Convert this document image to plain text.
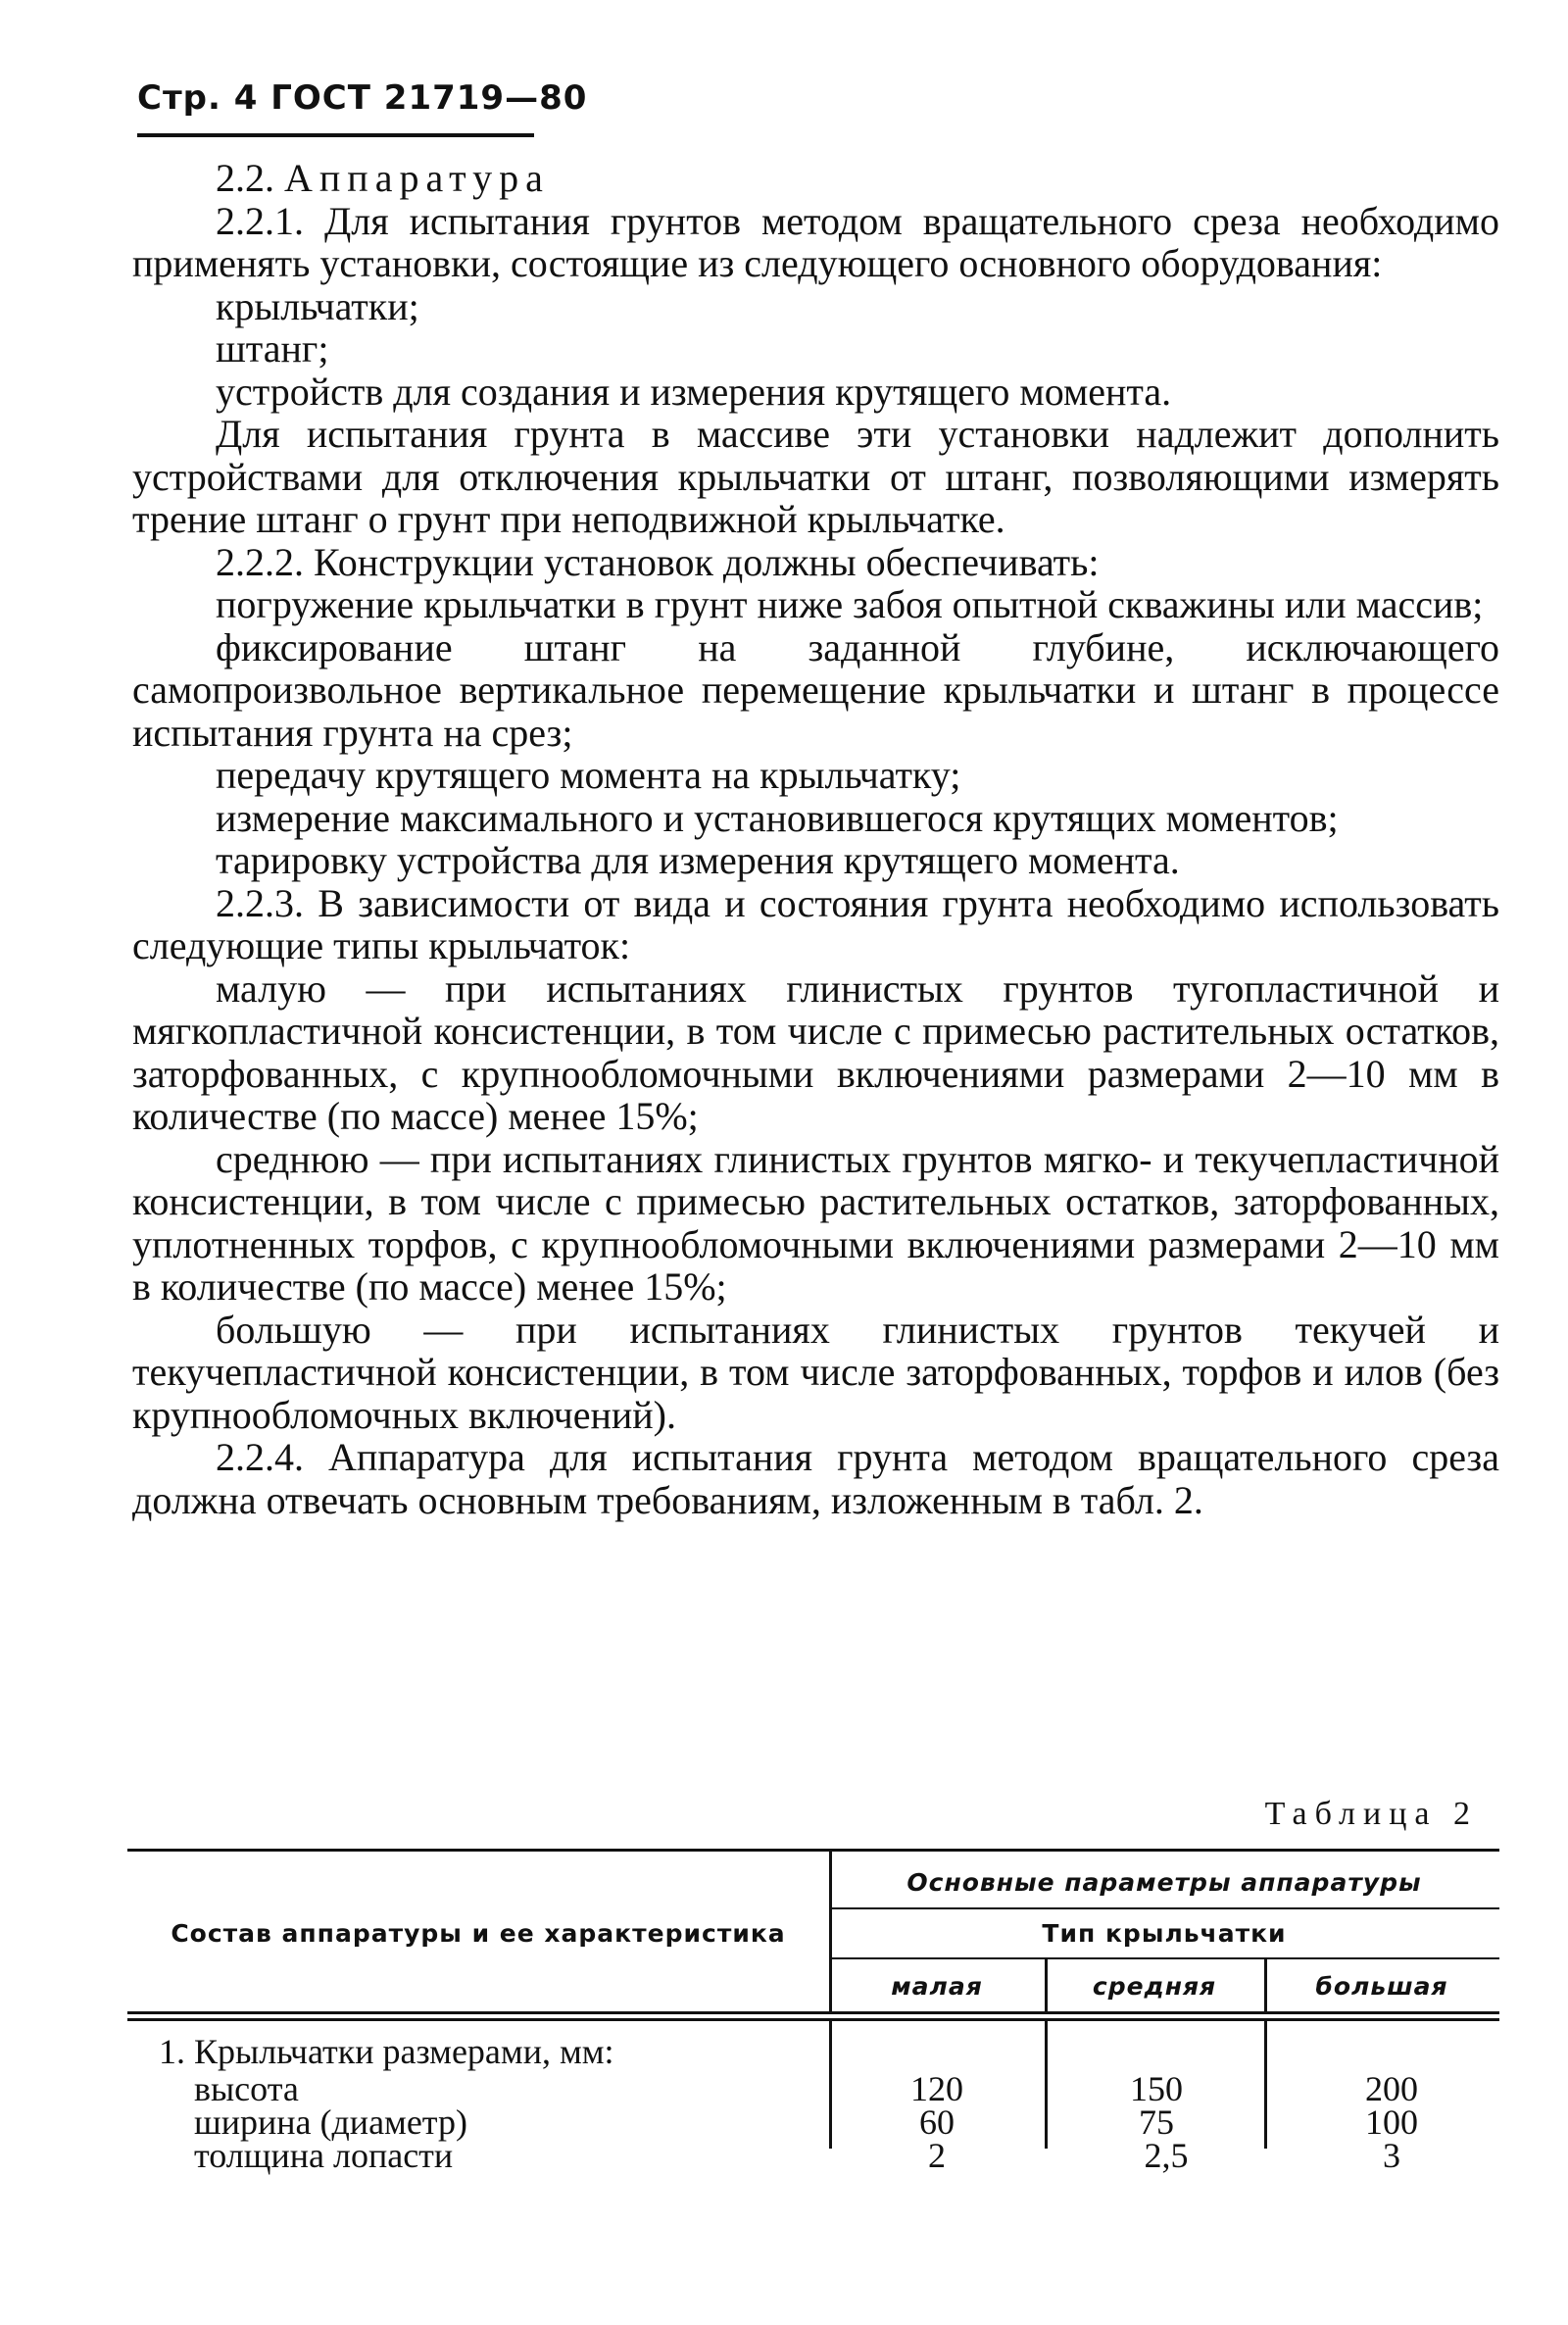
Стр. 4 ГОСТ 21719—80

2.2. Аппаратура

2.2.1. Для испытания грунтов методом вращательного среза необходимо применять установки, состоящие из следующего основного оборудования:

крыльчатки;

штанг;

устройств для создания и измерения крутящего момента.

Для испытания грунта в массиве эти установки надлежит дополнить устройствами для отключения крыльчатки от штанг, позволяющими измерять трение штанг о грунт при неподвижной крыльчатке.

2.2.2. Конструкции установок должны обеспечивать:

погружение крыльчатки в грунт ниже забоя опытной скважины или массив;

фиксирование штанг на заданной глубине, исключающего самопроизвольное вертикальное перемещение крыльчатки и штанг в процессе испытания грунта на срез;

передачу крутящего момента на крыльчатку;

измерение максимального и установившегося крутящих моментов;

тарировку устройства для измерения крутящего момента.

2.2.3. В зависимости от вида и состояния грунта необходимо использовать следующие типы крыльчаток:

малую — при испытаниях глинистых грунтов тугопластичной и мягкопластичной консистенции, в том числе с примесью растительных остатков, заторфованных, с крупнообломочными включениями размерами 2—10 мм в количестве (по массе) менее 15%;

среднюю — при испытаниях глинистых грунтов мягко- и текучепластичной консистенции, в том числе с примесью растительных остатков, заторфованных, уплотненных торфов, с крупнообломочными включениями размерами 2—10 мм в количестве (по массе) менее 15%;

большую — при испытаниях глинистых грунтов текучей и текучепластичной консистенции, в том числе заторфованных, торфов и илов (без крупнообломочных включений).

2.2.4. Аппаратура для испытания грунта методом вращательного среза должна отвечать основным требованиям, изложенным в табл. 2.

Таблица 2
Основные параметры аппаратуры
Тип крыльчатки
Состав аппаратуры и ее характеристика
малая	средняя	большая
1. Крыльчатки размерами, мм:
высота	120	150	200
ширина (диаметр)	60	75	100
толщина лопасти	2	2,5	3
